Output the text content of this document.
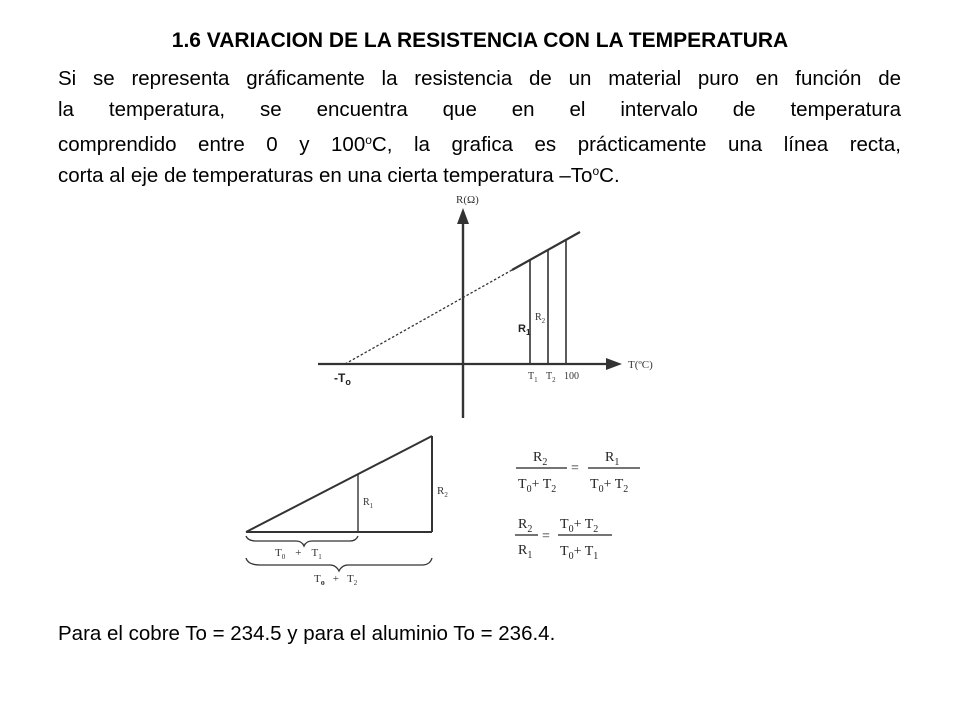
1.6 VARIACION DE LA RESISTENCIA CON LA TEMPERATURA
Si se representa gráficamente la resistencia de un material puro en función de
la temperatura, se encuentra que en el intervalo de temperatura
comprendido entre 0 y 100$^o$C, la grafica es prácticamente una línea recta,
corta al eje de temperaturas en una cierta temperatura –To$^o$C.
R(Ω)
T(ºC)
$-T_o$
$R_1$
$R_2$
$T_1$ $T_2$ 100
$R_1$
$R_2$
$T_0 + T_1$
$T_o + T_2$
$R_2$
$T_0+ T_2$
=
$R_1$
$T_0+ T_2$
$R_2$
$R_1$
=
$T_0+ T_2$
$T_0+ T_1$
Para el cobre To = 234.5 y para el aluminio To = 236.4.
